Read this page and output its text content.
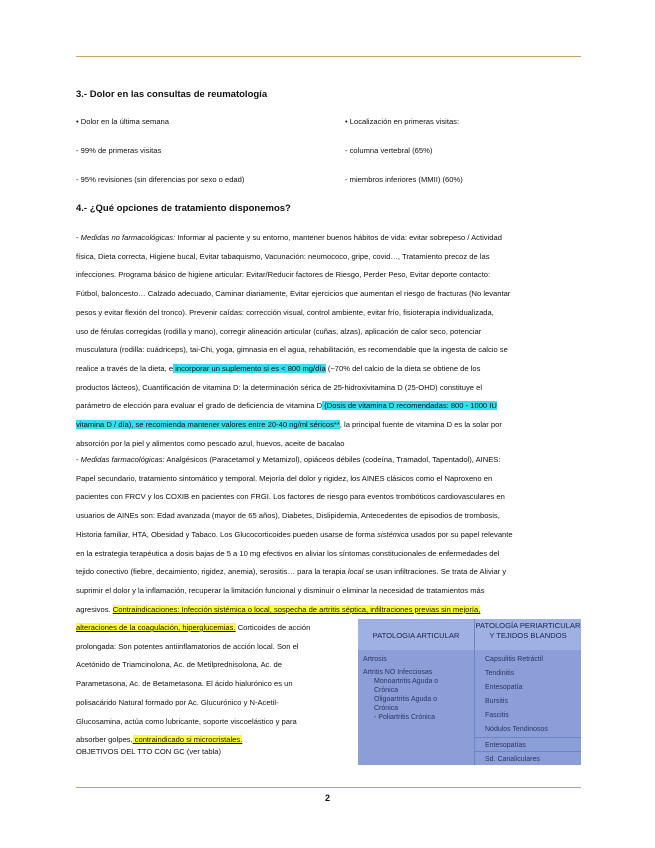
3.- Dolor en las consultas de reumatología
• Dolor en la última semana
- 99% de primeras visitas
- 95% revisiones (sin diferencias por sexo o edad)
• Localización en primeras visitas:
- columna vertebral (65%)
- miembros inferiores (MMII) (60%)
4.- ¿Qué opciones de tratamiento disponemos?
- Medidas no farmacológicas: Informar al paciente y su entorno, mantener buenos hábitos de vida: evitar sobrepeso / Actividad
física, Dieta correcta, Higiene bucal, Evitar tabaquismo, Vacunación: neumococo, gripe, covid…, Tratamiento precoz de las
infecciones. Programa básico de higiene articular: Evitar/Reducir factores de Riesgo, Perder Peso, Evitar deporte contacto:
Fútbol, baloncesto… Calzado adecuado, Caminar diariamente, Evitar ejercicios que aumentan el riesgo de fracturas (No levantar
pesos y evitar flexión del tronco). Prevenir caídas: corrección visual, control ambiente, evitar frío, fisioterapia individualizada,
uso de férulas corregidas (rodilla y mano), corregir alineación articular (cuñas, alzas), aplicación de calor seco, potenciar
musculatura (rodilla: cuádriceps), tai-Chi, yoga, gimnasia en el agua, rehabilitación, es recomendable que la ingesta de calcio se
realice a través de la dieta, e incorporar un suplemento si es < 800 mg/día (~70% del calcio de la dieta se obtiene de los
productos lácteos), Cuantificación de vitamina D: la determinación sérica de 25-hidroxivitamina D (25-OHD) constituye el
parámetro de elección para evaluar el grado de deficiencia de vitamina D (Dosis de vitamina D recomendadas: 800 - 1000 IU
vitamina D / día), se recomienda mantener valores entre 20-40 ng/ml séricos**, la principal fuente de vitamina D es la solar por
absorción por la piel y alimentos como pescado azul, huevos, aceite de bacalao
- Medidas farmacológicas: Analgésicos (Paracetamol y Metamizol), opiáceos débiles (codeína, Tramadol, Tapentadol), AINES:
Papel secundario, tratamiento sintomático y temporal. Mejoría del dolor y rigidez, los AINES clásicos como el Naproxeno en
pacientes con FRCV y los COXIB en pacientes con FRGI. Los factores de riesgo para eventos trombóticos cardiovasculares en
usuarios de AINEs son: Edad avanzada (mayor de 65 años), Diabetes, Dislipidemia, Antecedentes de episodios de trombosis,
Historia familiar, HTA, Obesidad y Tabaco. Los Glucocorticoides pueden usarse de forma sistémica usados por su papel relevante
en la estrategia terapéutica a dosis bajas de 5 a 10 mg efectivos en aliviar los síntomas constitucionales de enfermedades del
tejido conectivo (fiebre, decaimiento, rigidez, anemia), serositis… para la terapia local se usan infiltraciones. Se trata de Aliviar y
suprimir el dolor y la inflamación, recuperar la limitación funcional y disminuir o eliminar la necesidad de tratamientos más
agresivos. Contraindicaciones: Infección sistémica o local, sospecha de artritis séptica, infiltraciones previas sin mejoría,
alteraciones de la coagulación, hiperglucemias. Corticoides de acción
prolongada: Son potentes antiinflamatorios de acción local. Son el
Acetónido de Triamcinolona, Ac. de Metilprednisolona, Ac. de
Parametasona, Ac. de Betametasona. El ácido hialurónico es un
polisacárido Natural formado por Ac. Glucurónico y N-Acetil-
Glucosamina, actúa como lubricante, soporte viscoelástico y para
absorber golpes, contraindicado si microcristales.
OBJETIVOS DEL TTO CON GC (ver tabla)
PATOLOGIA ARTICULAR
PATOLOGÍA PERIARTICULAR
Y TEJIDOS BLANDOS
Artrosis
Artritis NO Infecciosas
Monoartritis Aguda o
Crónica
Oligoartritis Aguda o
Crónica
- Poliartritis Crónica
Capsulitis Retráctil
Tendinitis
Entesopatía
Bursitis
Fascitis
Nódulos Tendinosos
Entesopatías
Sd. Canaliculares
2
